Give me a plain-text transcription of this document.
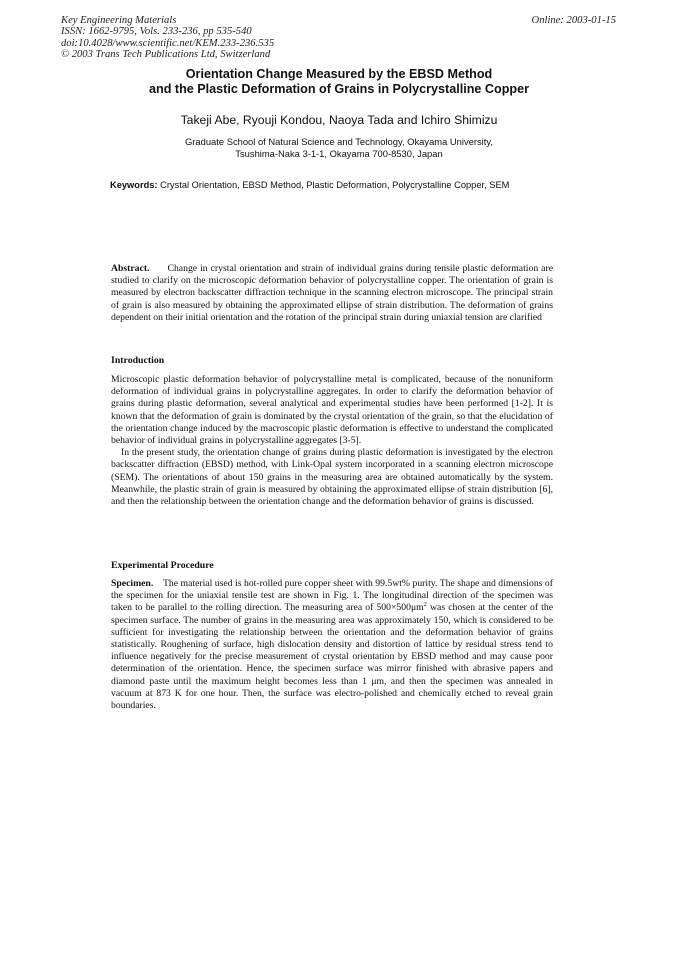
Key Engineering Materials
ISSN: 1662-9795, Vols. 233-236, pp 535-540
doi:10.4028/www.scientific.net/KEM.233-236.535
© 2003 Trans Tech Publications Ltd, Switzerland
Online: 2003-01-15
Orientation Change Measured by the EBSD Method
and the Plastic Deformation of Grains in Polycrystalline Copper
Takeji Abe, Ryouji Kondou, Naoya Tada and Ichiro Shimizu
Graduate School of Natural Science and Technology, Okayama University,
Tsushima-Naka 3-1-1, Okayama 700-8530, Japan
Keywords: Crystal Orientation, EBSD Method, Plastic Deformation, Polycrystalline Copper, SEM

Abstract. Change in crystal orientation and strain of individual grains during tensile plastic deformation are studied to clarify on the microscopic deformation behavior of polycrystalline copper. The orientation of grain is measured by electron backscatter diffraction technique in the scanning electron microscope. The principal strain of grain is also measured by obtaining the approximated ellipse of strain distribution. The deformation of grains dependent on their initial orientation and the rotation of the principal strain during uniaxial tension are clarified

Introduction

Microscopic plastic deformation behavior of polycrystalline metal is complicated, because of the nonuniform deformation of individual grains in polycrystalline aggregates. In order to clarify the deformation behavior of grains during plastic deformation, several analytical and experimental studies have been performed [1-2]. It is known that the deformation of grain is dominated by the crystal orientation of the grain, so that the elucidation of the orientation change induced by the macroscopic plastic deformation is effective to understand the complicated behavior of individual grains in polycrystalline aggregates [3-5].

In the present study, the orientation change of grains during plastic deformation is investigated by the electron backscatter diffraction (EBSD) method, with Link-Opal system incorporated in a scanning electron microscope (SEM). The orientations of about 150 grains in the measuring area are obtained automatically by the system. Meanwhile, the plastic strain of grain is measured by obtaining the approximated ellipse of strain distribution [6], and then the relationship between the orientation change and the deformation behavior of grains is discussed.

Experimental Procedure

Specimen. The material used is hot-rolled pure copper sheet with 99.5wt% purity. The shape and dimensions of the specimen for the uniaxial tensile test are shown in Fig. 1. The longitudinal direction of the specimen was taken to be parallel to the rolling direction. The measuring area of $500\times 500\mu m^2$ was chosen at the center of the specimen surface. The number of grains in the measuring area was approximately 150, which is considered to be sufficient for investigating the relationship between the orientation and the deformation behavior of grains statistically. Roughening of surface, high dislocation density and distortion of lattice by residual stress tend to influence negatively for the precise measurement of crystal orientation by EBSD method and may cause poor determination of the orientation. Hence, the specimen surface was mirror finished with abrasive papers and diamond paste until the maximum height becomes less than 1 μm, and then the specimen was annealed in vacuum at 873 K for one hour. Then, the surface was electro-polished and chemically etched to reveal grain boundaries.
